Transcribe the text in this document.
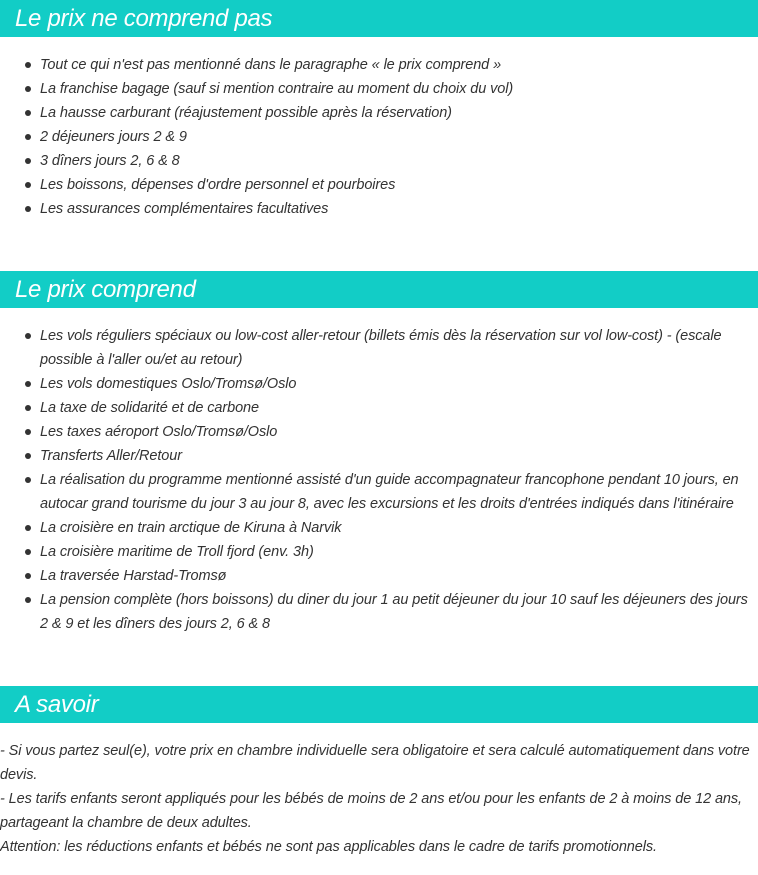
Le prix ne comprend pas
Tout ce qui n'est pas mentionné dans le paragraphe « le prix comprend »
La franchise bagage (sauf si mention contraire au moment du choix du vol)
La hausse carburant (réajustement possible après la réservation)
2 déjeuners jours 2 & 9
3 dîners jours 2, 6 & 8
Les boissons, dépenses d'ordre personnel et pourboires
Les assurances complémentaires facultatives
Le prix comprend
Les vols réguliers spéciaux ou low-cost aller-retour (billets émis dès la réservation sur vol low-cost) - (escale possible à l'aller ou/et au retour)
Les vols domestiques Oslo/Tromsø/Oslo
La taxe de solidarité et de carbone
Les taxes aéroport Oslo/Tromsø/Oslo
Transferts Aller/Retour
La réalisation du programme mentionné assisté d'un guide accompagnateur francophone pendant 10 jours, en autocar grand tourisme du jour 3 au jour 8, avec les excursions et les droits d'entrées indiqués dans l'itinéraire
La croisière en train arctique de Kiruna à Narvik
La croisière maritime de Troll fjord (env. 3h)
La traversée Harstad-Tromsø
La pension complète (hors boissons) du diner du jour 1 au petit déjeuner du jour 10 sauf les déjeuners des jours 2 & 9 et les dîners des jours 2, 6 & 8
A savoir

- Si vous partez seul(e), votre prix en chambre individuelle sera obligatoire et sera calculé automatiquement dans votre devis.

- Les tarifs enfants seront appliqués pour les bébés de moins de 2 ans et/ou pour les enfants de 2 à moins de 12 ans, partageant la chambre de deux adultes.

Attention: les réductions enfants et bébés ne sont pas applicables dans le cadre de tarifs promotionnels.
